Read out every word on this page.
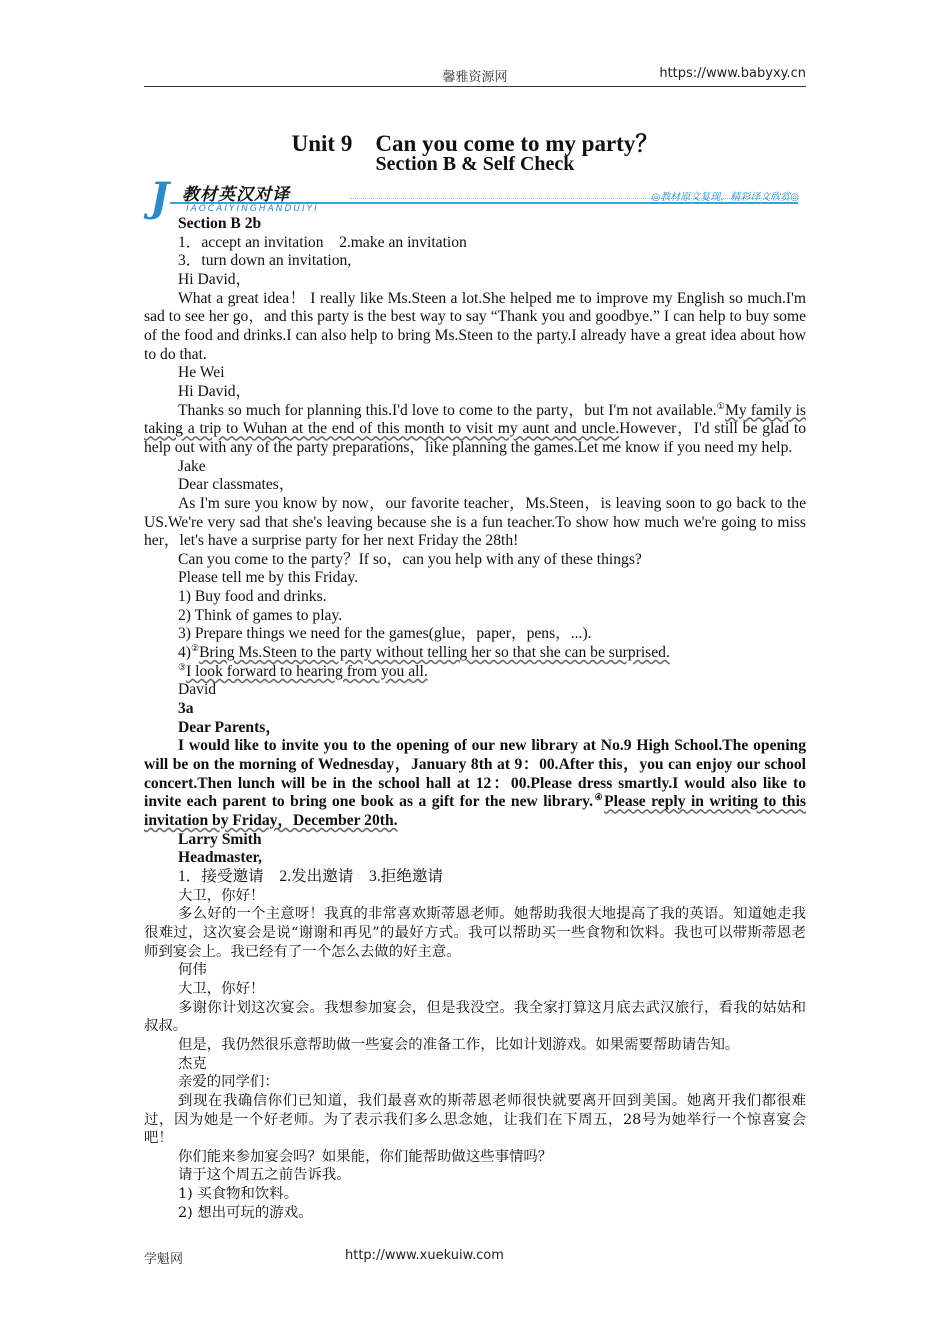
馨雅资源网	https://www.babyxy.cn
Unit 9　Can you come to my party？
Section B & Self Check
J 教材英汉对译
IAOCAIYINGHANDUIYI
◎教材原文复现，精彩译文欣赏◎

Section B 2b

1．accept an invitation　2.make an invitation

3．turn down an invitation,

Hi David，

What a great idea！ I really like Ms.Steen a lot.She helped me to improve my English so much.I'm sad to see her go，and this party is the best way to say “Thank you and goodbye.” I can help to buy some of the food and drinks.I can also help to bring Ms.Steen to the party.I already have a great idea about how to do that.

He Wei

Hi David，

Thanks so much for planning this.I'd love to come to the party，but I'm not available.①My family is taking a trip to Wuhan at the end of this month to visit my aunt and uncle.However，I'd still be glad to help out with any of the party preparations，like planning the games.Let me know if you need my help.

Jake

Dear classmates，

As I'm sure you know by now，our favorite teacher，Ms.Steen，is leaving soon to go back to the US.We're very sad that she's leaving because she is a fun teacher.To show how much we're going to miss her，let's have a surprise party for her next Friday the 28th!

Can you come to the party？If so，can you help with any of these things?

Please tell me by this Friday.

1) Buy food and drinks.

2) Think of games to play.

3) Prepare things we need for the games(glue，paper，pens，...).

4)②Bring Ms.Steen to the party without telling her so that she can be surprised.

③I look forward to hearing from you all.

David

3a

Dear Parents，

I would like to invite you to the opening of our new library at No.9 High School.The opening will be on the morning of Wednesday，January 8th at 9：00.After this，you can enjoy our school concert.Then lunch will be in the school hall at 12：00.Please dress smartly.I would also like to invite each parent to bring one book as a gift for the new library.④Please reply in writing to this invitation by Friday，December 20th.

Larry Smith

Headmaster,

1．接受邀请　2.发出邀请　3.拒绝邀请

大卫，你好！

多么好的一个主意呀！我真的非常喜欢斯蒂恩老师。她帮助我很大地提高了我的英语。知道她走我很难过，这次宴会是说“谢谢和再见”的最好方式。我可以帮助买一些食物和饮料。我也可以带斯蒂恩老师到宴会上。我已经有了一个怎么去做的好主意。

何伟

大卫，你好！

多谢你计划这次宴会。我想参加宴会，但是我没空。我全家打算这月底去武汉旅行，看我的姑姑和叔叔。

但是，我仍然很乐意帮助做一些宴会的准备工作，比如计划游戏。如果需要帮助请告知。

杰克

亲爱的同学们：

到现在我确信你们已知道，我们最喜欢的斯蒂恩老师很快就要离开回到美国。她离开我们都很难过，因为她是一个好老师。为了表示我们多么思念她，让我们在下周五，28号为她举行一个惊喜宴会吧！

你们能来参加宴会吗？如果能，你们能帮助做这些事情吗？

请于这个周五之前告诉我。

1) 买食物和饮料。

2) 想出可玩的游戏。

学魁网	http://www.xuekuiw.com
